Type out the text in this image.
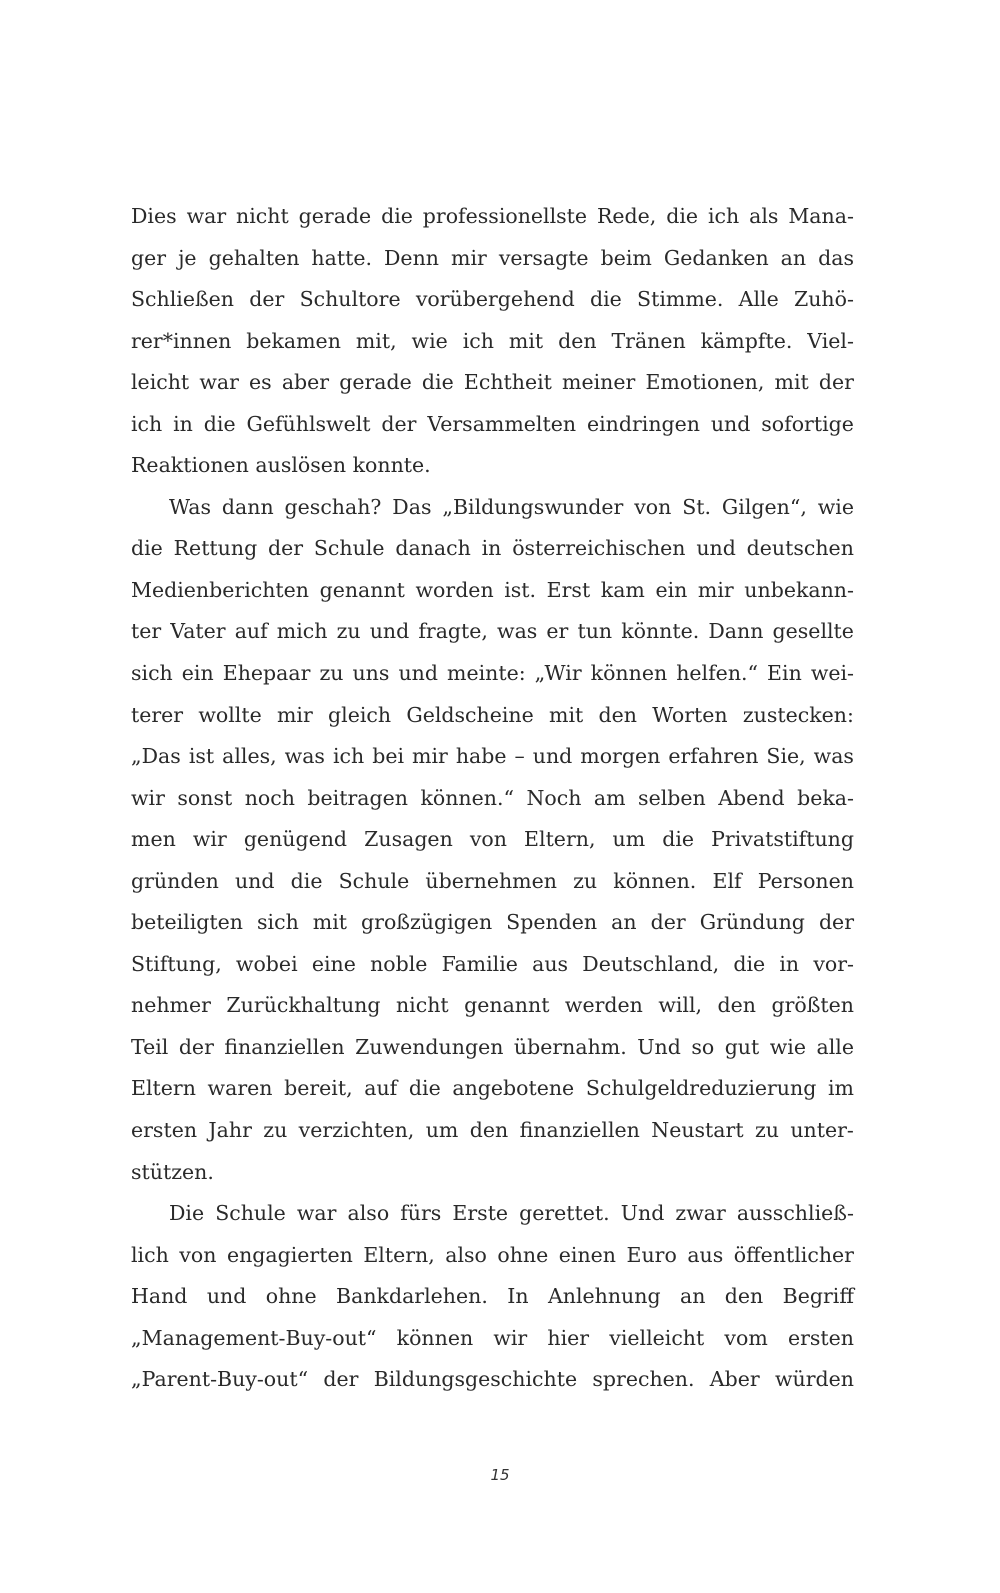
Dies war nicht gerade die professionellste Rede, die ich als Mana-
ger je gehalten hatte. Denn mir versagte beim Gedanken an das
Schließen der Schultore vorübergehend die Stimme. Alle Zuhö-
rer*innen bekamen mit, wie ich mit den Tränen kämpfte. Viel-
leicht war es aber gerade die Echtheit meiner Emotionen, mit der
ich in die Gefühlswelt der Versammelten eindringen und sofortige
Reaktionen auslösen konnte.
Was dann geschah? Das „Bildungswunder von St. Gilgen“, wie
die Rettung der Schule danach in österreichischen und deutschen
Medienberichten genannt worden ist. Erst kam ein mir unbekann-
ter Vater auf mich zu und fragte, was er tun könnte. Dann gesellte
sich ein Ehepaar zu uns und meinte: „Wir können helfen.“ Ein wei-
terer wollte mir gleich Geldscheine mit den Worten zustecken:
„Das ist alles, was ich bei mir habe – und morgen erfahren Sie, was
wir sonst noch beitragen können.“ Noch am selben Abend beka-
men wir genügend Zusagen von Eltern, um die Privatstiftung
gründen und die Schule übernehmen zu können. Elf Personen
beteiligten sich mit großzügigen Spenden an der Gründung der
Stiftung, wobei eine noble Familie aus Deutschland, die in vor-
nehmer Zurückhaltung nicht genannt werden will, den größten
Teil der finanziellen Zuwendungen übernahm. Und so gut wie alle
Eltern waren bereit, auf die angebotene Schulgeldreduzierung im
ersten Jahr zu verzichten, um den finanziellen Neustart zu unter-
stützen.
Die Schule war also fürs Erste gerettet. Und zwar ausschließ-
lich von engagierten Eltern, also ohne einen Euro aus öffentlicher
Hand und ohne Bankdarlehen. In Anlehnung an den Begriff
„Management-Buy-out“ können wir hier vielleicht vom ersten
„Parent-Buy-out“ der Bildungsgeschichte sprechen. Aber würden
15
